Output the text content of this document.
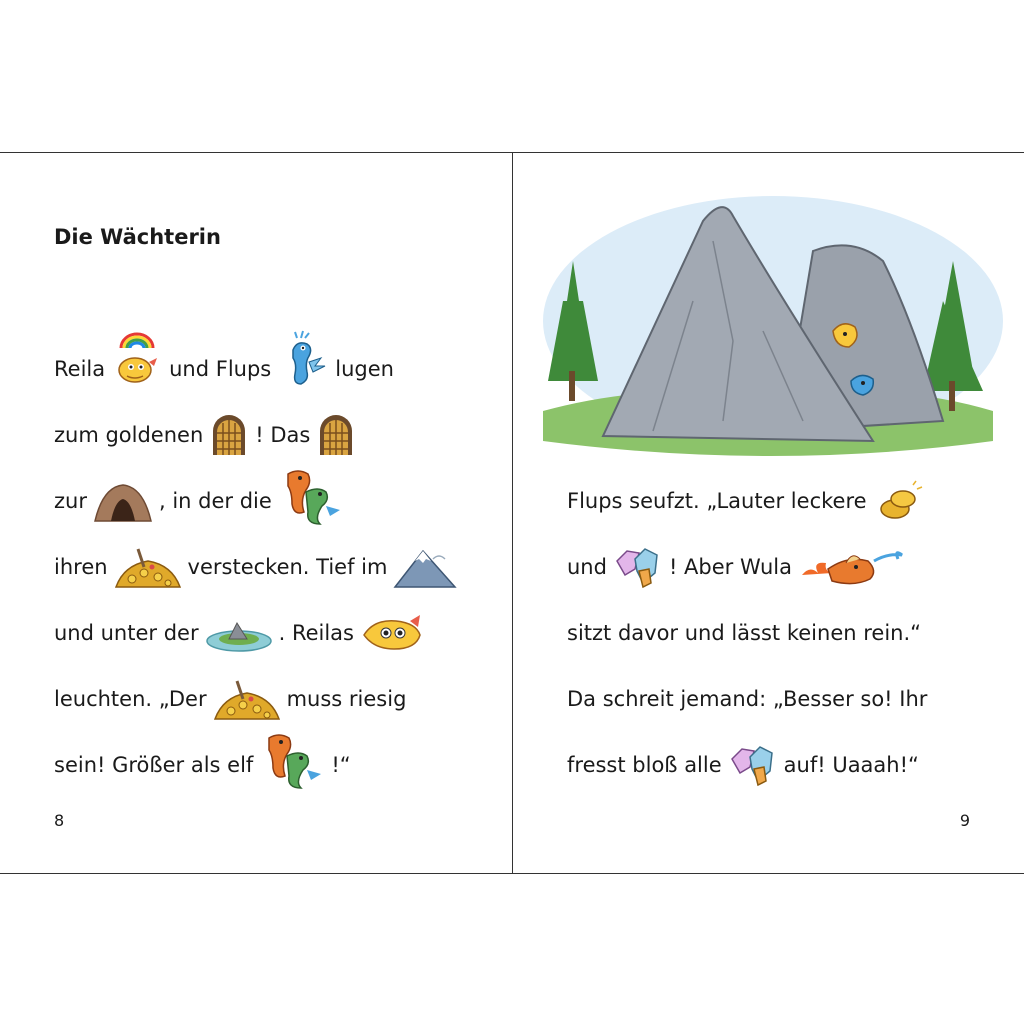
Die Wächterin
Reila	und Flups	lugen
zum goldenen ! Das
zur	, in der die
ihren	verstecken. Tief im
und unter der	. Reilas
leuchten. „Der	muss riesig
sein! Größer als elf	!“
8
Flups seufzt. „Lauter leckere
und	! Aber Wula
sitzt davor und lässt keinen rein.“
Da schreit jemand: „Besser so! Ihr
fresst bloß alle	auf! Uaaah!“
9
